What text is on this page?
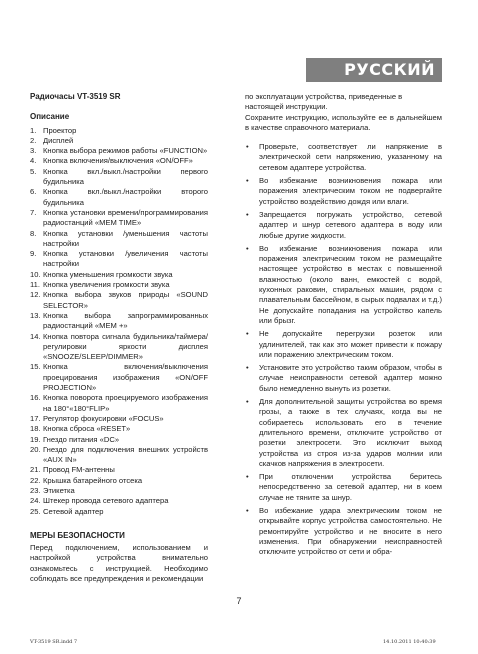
РУССКИЙ
Радиочасы VT-3519 SR
Описание
1. Проектор
2. Дисплей
3. Кнопка выбора режимов работы «FUNCTION»
4. Кнопка включения/выключения «ON/OFF»
5. Кнопка вкл./выкл./настройки первого будильника
6. Кнопка вкл./выкл./настройки второго будильника
7. Кнопка установки времени/программирования радиостанций «MEM TIME»
8. Кнопка установки /уменьшения частоты настройки
9. Кнопка установки /увеличения частоты настройки
10. Кнопка уменьшения громкости звука
11. Кнопка увеличения громкости звука
12. Кнопка выбора звуков природы «SOUND SELECTOR»
13. Кнопка выбора запрограммированных радиостанций «MEM +»
14. Кнопка повтора сигнала будильника/таймера/ регулировки яркости дисплея «SNOOZE/SLEEP/DIMMER»
15. Кнопка включения/выключения проецирования изображения «ON/OFF PROJECTION»
16. Кнопка поворота проецируемого изображения на 180°«180°FLIP»
17. Регулятор фокусировки «FOCUS»
18. Кнопка сброса «RESET»
19. Гнездо питания «DC»
20. Гнездо для подключения внешних устройств «AUX IN»
21. Провод FM-антенны
22. Крышка батарейного отсека
23. Этикетка
24. Штекер провода сетевого адаптера
25. Сетевой адаптер
МЕРЫ БЕЗОПАСНОСТИ

Перед подключением, использованием и настройкой устройства внимательно ознакомьтесь с инструкцией. Необходимо соблюдать все предупреждения и рекомендации

по эксплуатации устройства, приведенные в настоящей инструкции.

Сохраните инструкцию, используйте ее в дальнейшем в качестве справочного материала.

• Проверьте, соответствует ли напряжение в электрической сети напряжению, указанному на сетевом адаптере устройства.
• Во избежание возникновения пожара или поражения электрическим током не подвергайте устройство воздействию дождя или влаги.
• Запрещается погружать устройство, сетевой адаптер и шнур сетевого адаптера в воду или любые другие жидкости.
• Во избежание возникновения пожара или поражения электрическим током не размещайте настоящее устройство в местах с повышенной влажностью (около ванн, емкостей с водой, кухонных раковин, стиральных машин, рядом с плавательным бассейном, в сырых подвалах и т.д.) Не допускайте попадания на устройство капель или брызг.
• Не допускайте перегрузки розеток или удлинителей, так как это может привести к пожару или поражению электрическим током.
• Установите это устройство таким образом, чтобы в случае неисправности сетевой адаптер можно было немедленно вынуть из розетки.
• Для дополнительной защиты устройства во время грозы, а также в тех случаях, когда вы не собираетесь использовать его в течение длительного времени, отключите устройство от розетки электросети. Это исключит выход устройства из строя из-за ударов молнии или скачков напряжения в электросети.
• При отключении устройства беритесь непосредственно за сетевой адаптер, ни в коем случае не тяните за шнур.
• Во избежание удара электрическим током не открывайте корпус устройства самостоятельно. Не ремонтируйте устройство и не вносите в него изменения. При обнаружении неисправностей отключите устройство от сети и обра-
7
VT-3519 SR.indd 7	14.10.2011 10:40:39
